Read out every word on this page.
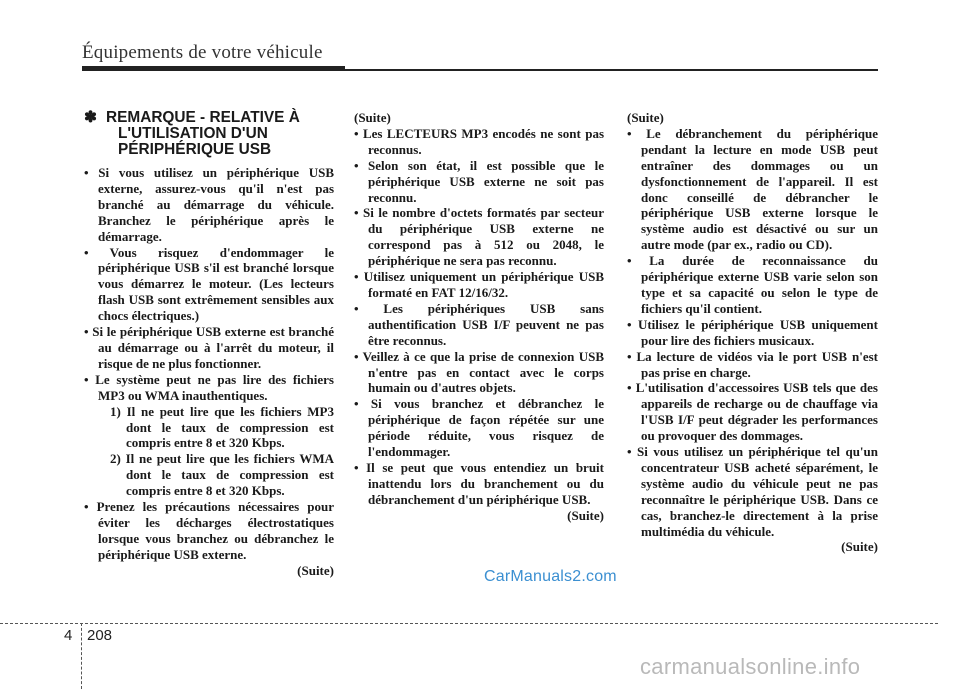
Équipements de votre véhicule
✽ REMARQUE - RELATIVE À L'UTILISATION D'UN PÉRIPHÉRIQUE USB
• Si vous utilisez un périphérique USB externe, assurez-vous qu'il n'est pas branché au démarrage du véhicule. Branchez le périphérique après le démarrage.
• Vous risquez d'endommager le périphérique USB s'il est branché lorsque vous démarrez le moteur. (Les lecteurs flash USB sont extrêmement sensibles aux chocs électriques.)
• Si le périphérique USB externe est branché au démarrage ou à l'arrêt du moteur, il risque de ne plus fonctionner.
• Le système peut ne pas lire des fichiers MP3 ou WMA inauthentiques.
1) Il ne peut lire que les fichiers MP3 dont le taux de compression est compris entre 8 et 320 Kbps.
2) Il ne peut lire que les fichiers WMA dont le taux de compression est compris entre 8 et 320 Kbps.
• Prenez les précautions nécessaires pour éviter les décharges électrostatiques lorsque vous branchez ou débranchez le périphérique USB externe.
(Suite)
(Suite)
• Les LECTEURS MP3 encodés ne sont pas reconnus.
• Selon son état, il est possible que le périphérique USB externe ne soit pas reconnu.
• Si le nombre d'octets formatés par secteur du périphérique USB externe ne correspond pas à 512 ou 2048, le périphérique ne sera pas reconnu.
• Utilisez uniquement un périphérique USB formaté en FAT 12/16/32.
• Les périphériques USB sans authentification USB I/F peuvent ne pas être reconnus.
• Veillez à ce que la prise de connexion USB n'entre pas en contact avec le corps humain ou d'autres objets.
• Si vous branchez et débranchez le périphérique de façon répétée sur une période réduite, vous risquez de l'endommager.
• Il se peut que vous entendiez un bruit inattendu lors du branchement ou du débranchement d'un périphérique USB.
(Suite)
(Suite)
• Le débranchement du périphérique pendant la lecture en mode USB peut entraîner des dommages ou un dysfonctionnement de l'appareil. Il est donc conseillé de débrancher le périphérique USB externe lorsque le système audio est désactivé ou sur un autre mode (par ex., radio ou CD).
• La durée de reconnaissance du périphérique externe USB varie selon son type et sa capacité ou selon le type de fichiers qu'il contient.
• Utilisez le périphérique USB uniquement pour lire des fichiers musicaux.
• La lecture de vidéos via le port USB n'est pas prise en charge.
• L'utilisation d'accessoires USB tels que des appareils de recharge ou de chauffage via l'USB I/F peut dégrader les performances ou provoquer des dommages.
• Si vous utilisez un périphérique tel qu'un concentrateur USB acheté séparément, le système audio du véhicule peut ne pas reconnaître le périphérique USB. Dans ce cas, branchez-le directement à la prise multimédia du véhicule.
(Suite)
CarManuals2.com
4 208
carmanualsonline.info
